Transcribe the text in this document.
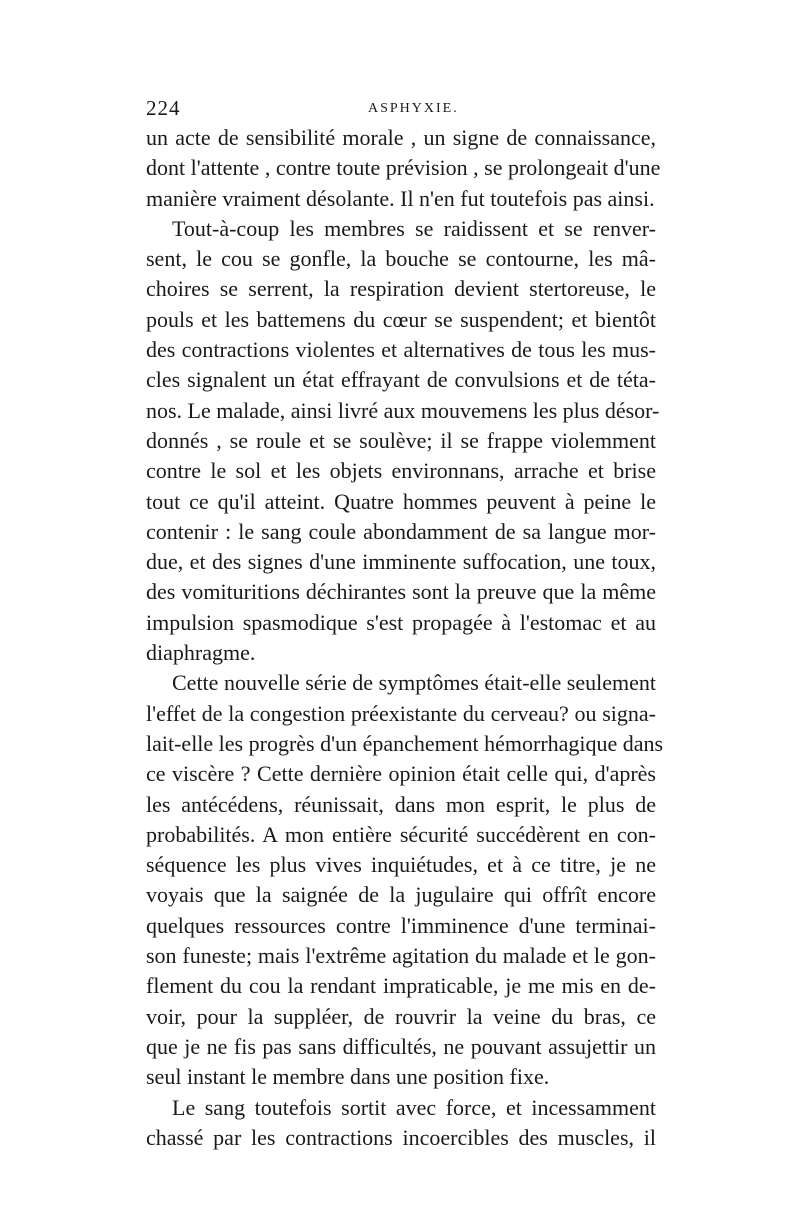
224	ASPHYXIE.
un acte de sensibilité morale , un signe de connaissance,
dont l'attente , contre toute prévision , se prolongeait d'une
manière vraiment désolante. Il n'en fut toutefois pas ainsi.
Tout-à-coup les membres se raidissent et se renver-
sent, le cou se gonfle, la bouche se contourne, les mâ-
choires se serrent, la respiration devient stertoreuse, le
pouls et les battemens du cœur se suspendent; et bientôt
des contractions violentes et alternatives de tous les mus-
cles signalent un état effrayant de convulsions et de téta-
nos. Le malade, ainsi livré aux mouvemens les plus désor-
donnés , se roule et se soulève; il se frappe violemment
contre le sol et les objets environnans, arrache et brise
tout ce qu'il atteint. Quatre hommes peuvent à peine le
contenir : le sang coule abondamment de sa langue mor-
due, et des signes d'une imminente suffocation, une toux,
des vomituritions déchirantes sont la preuve que la même
impulsion spasmodique s'est propagée à l'estomac et au
diaphragme.
Cette nouvelle série de symptômes était-elle seulement
l'effet de la congestion préexistante du cerveau? ou signa-
lait-elle les progrès d'un épanchement hémorrhagique dans
ce viscère ? Cette dernière opinion était celle qui, d'après
les antécédens, réunissait, dans mon esprit, le plus de
probabilités. A mon entière sécurité succédèrent en con-
séquence les plus vives inquiétudes, et à ce titre, je ne
voyais que la saignée de la jugulaire qui offrît encore
quelques ressources contre l'imminence d'une terminai-
son funeste; mais l'extrême agitation du malade et le gon-
flement du cou la rendant impraticable, je me mis en de-
voir, pour la suppléer, de rouvrir la veine du bras, ce
que je ne fis pas sans difficultés, ne pouvant assujettir un
seul instant le membre dans une position fixe.
Le sang toutefois sortit avec force, et incessamment
chassé par les contractions incoercibles des muscles, il
